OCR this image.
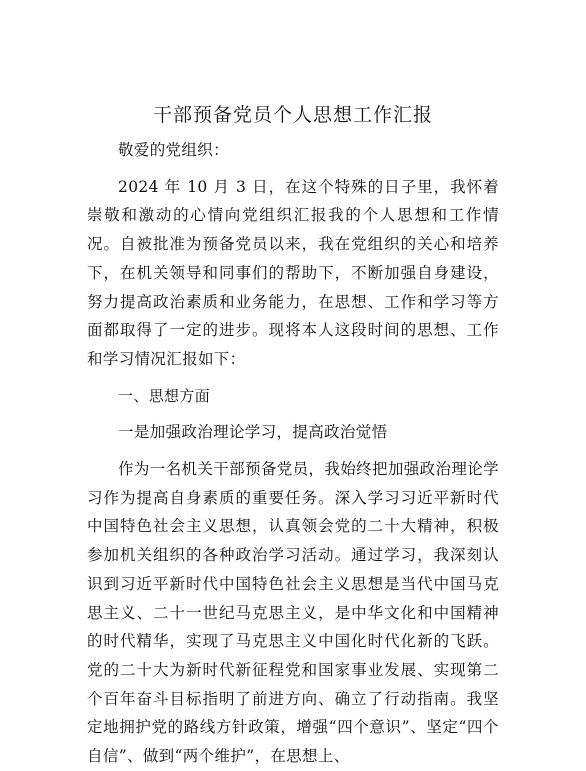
干部预备党员个人思想工作汇报

敬爱的党组织：

2024 年 10 月 3 日，在这个特殊的日子里，我怀着崇敬和激动的心情向党组织汇报我的个人思想和工作情况。自被批准为预备党员以来，我在党组织的关心和培养下，在机关领导和同事们的帮助下，不断加强自身建设，努力提高政治素质和业务能力，在思想、工作和学习等方面都取得了一定的进步。现将本人这段时间的思想、工作和学习情况汇报如下：

一、思想方面

一是加强政治理论学习，提高政治觉悟

作为一名机关干部预备党员，我始终把加强政治理论学习作为提高自身素质的重要任务。深入学习习近平新时代中国特色社会主义思想，认真领会党的二十大精神，积极参加机关组织的各种政治学习活动。通过学习，我深刻认识到习近平新时代中国特色社会主义思想是当代中国马克思主义、二十一世纪马克思主义，是中华文化和中国精神的时代精华，实现了马克思主义中国化时代化新的飞跃。党的二十大为新时代新征程党和国家事业发展、实现第二个百年奋斗目标指明了前进方向、确立了行动指南。我坚定地拥护党的路线方针政策，增强“四个意识”、坚定“四个自信”、做到“两个维护”，在思想上、
